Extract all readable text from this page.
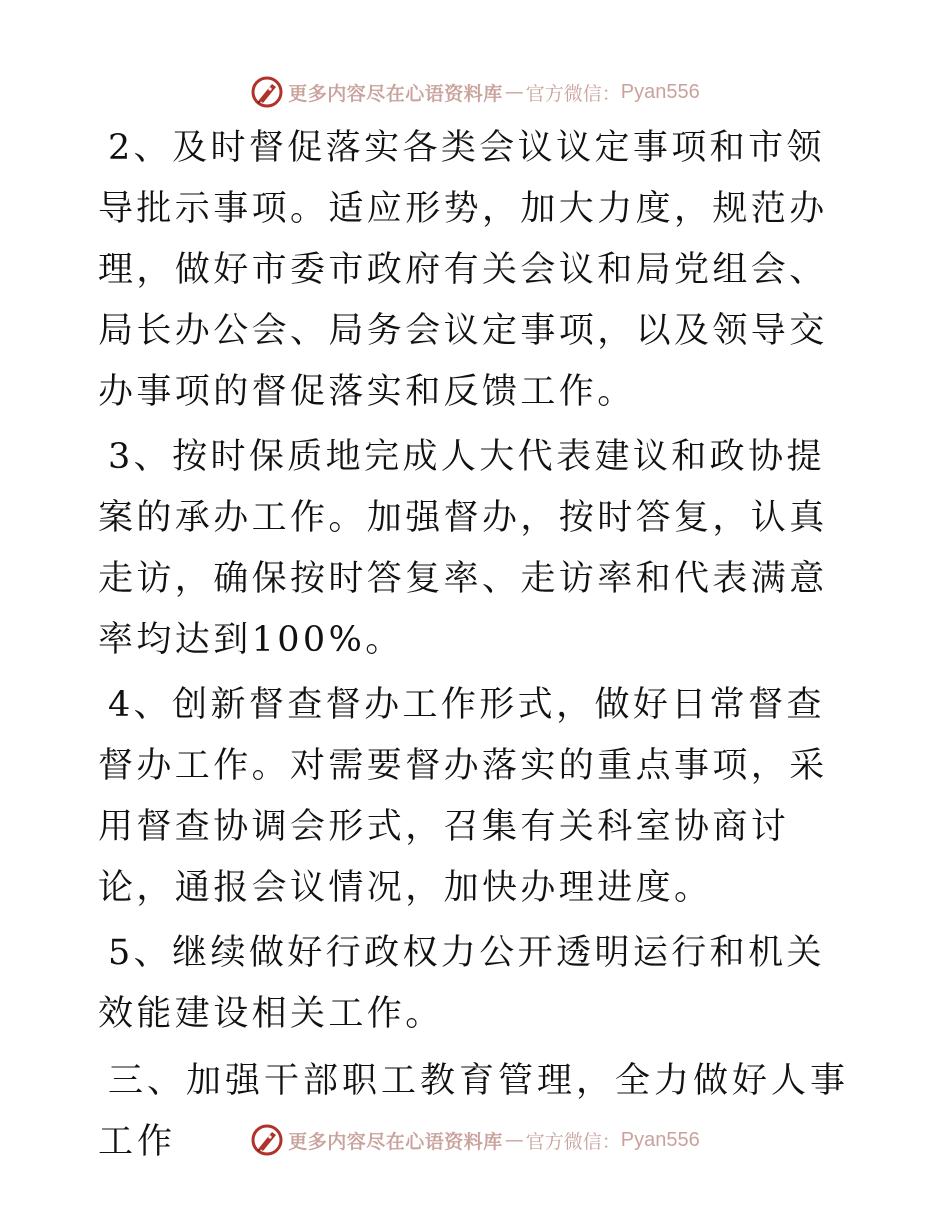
更多内容尽在心语资料库 — 官方微信： Pyan556

2、及时督促落实各类会议议定事项和市领导批示事项。适应形势，加大力度，规范办理，做好市委市政府有关会议和局党组会、局长办公会、局务会议定事项，以及领导交办事项的督促落实和反馈工作。

3、按时保质地完成人大代表建议和政协提案的承办工作。加强督办，按时答复，认真走访，确保按时答复率、走访率和代表满意率均达到100%。

4、创新督查督办工作形式，做好日常督查督办工作。对需要督办落实的重点事项，采用督查协调会形式，召集有关科室协商讨论，通报会议情况，加快办理进度。

5、继续做好行政权力公开透明运行和机关效能建设相关工作。

三、加强干部职工教育管理，全力做好人事工作	更多内容尽在心语资料库 — 官方微信： Pyan556
